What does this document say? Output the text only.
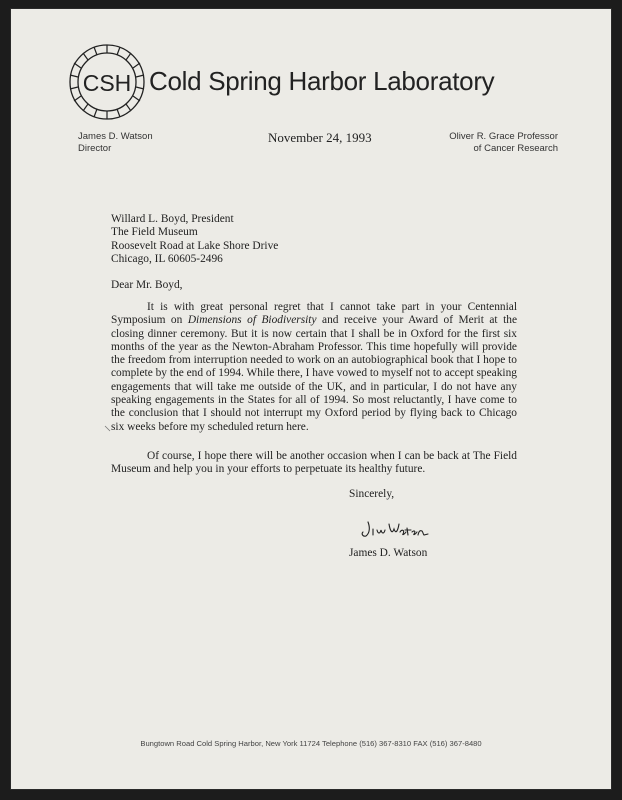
CSH Cold Spring Harbor Laboratory
James D. Watson
Director
November 24, 1993	Oliver R. Grace Professor
of Cancer Research
Willard L. Boyd, President
The Field Museum
Roosevelt Road at Lake Shore Drive
Chicago, IL 60605-2496
Dear Mr. Boyd,
It is with great personal regret that I cannot take part in your Centennial Symposium on Dimensions of Biodiversity and receive your Award of Merit at the closing dinner ceremony. But it is now certain that I shall be in Oxford for the first six months of the year as the Newton-Abraham Professor. This time hopefully will provide the freedom from interruption needed to work on an autobiographical book that I hope to complete by the end of 1994. While there, I have vowed to myself not to accept speaking engagements that will take me outside of the UK, and in particular, I do not have any speaking engagements in the States for all of 1994. So most reluctantly, I have come to the conclusion that I should not interrupt my Oxford period by flying back to Chicago six weeks before my scheduled return here.
Of course, I hope there will be another occasion when I can be back at The Field Museum and help you in your efforts to perpetuate its healthy future.
Sincerely,
James D. Watson
Bungtown Road Cold Spring Harbor, New York 11724 Telephone (516) 367-8310 FAX (516) 367-8480
